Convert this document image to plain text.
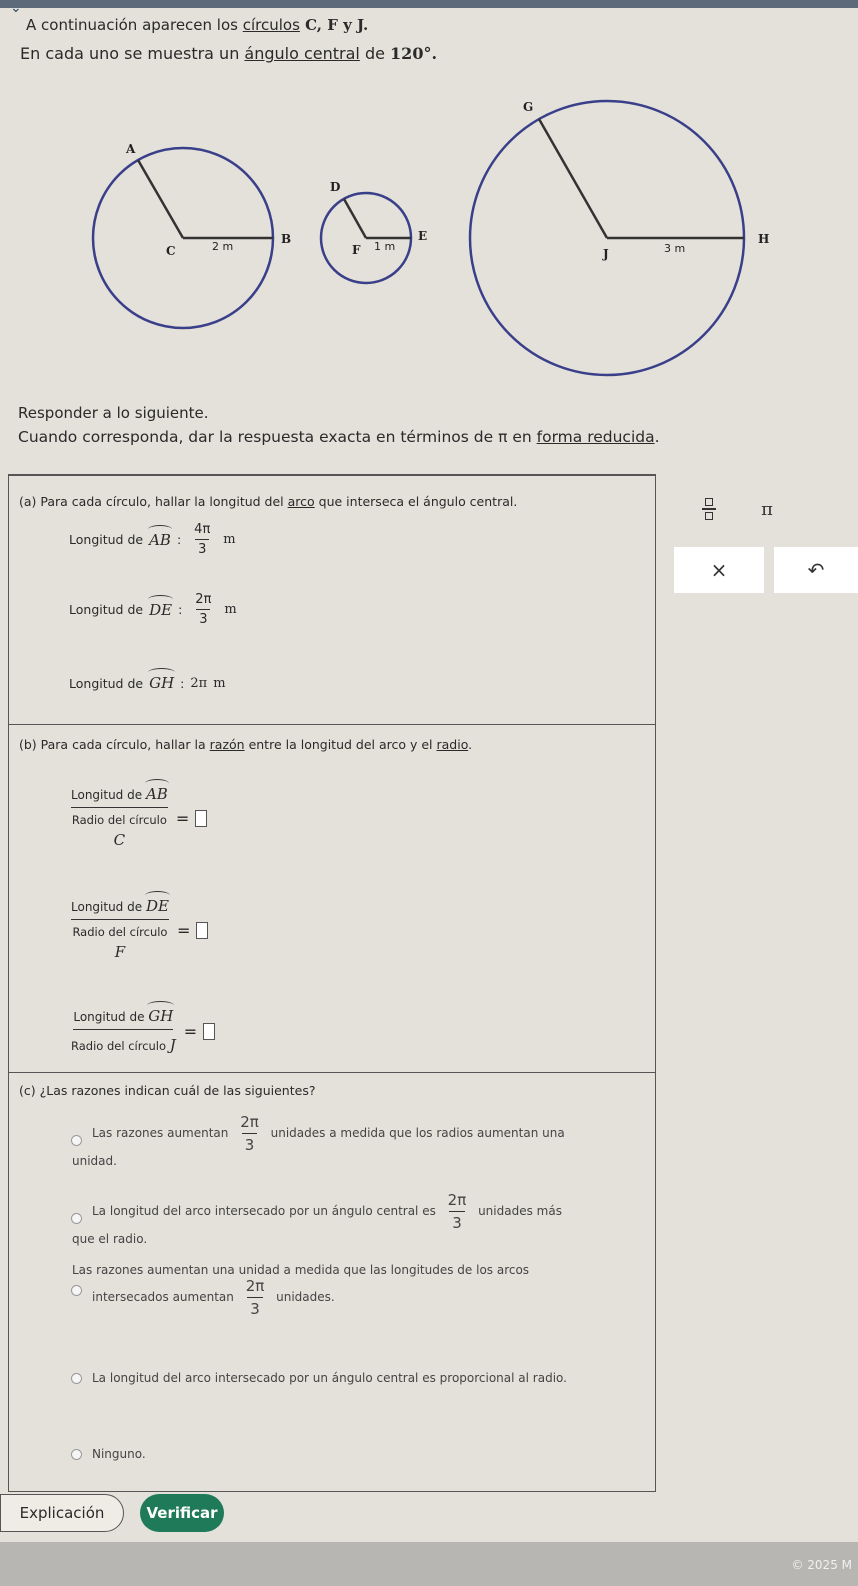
⌄
A continuación aparecen los círculos C, F y J.
En cada uno se muestra un ángulo central de 120°.
A
C
B
2 m
D
F
E
1 m
G
J
H
3 m
Responder a lo siguiente.
Cuando corresponda, dar la respuesta exacta en términos de π en forma reducida.
(a) Para cada círculo, hallar la longitud del arco que interseca el ángulo central.
Longitud de AB : $\frac{4\pi}{3}$ m
Longitud de DE : $\frac{2\pi}{3}$ m
Longitud de GH : 2π m
(b) Para cada círculo, hallar la razón entre la longitud del arco y el radio.
Longitud de AB
Radio del círculo
C
=
Longitud de DE
Radio del círculo
F
=
Longitud de GH
Radio del círculo J
=
(c) ¿Las razones indican cuál de las siguientes?
Las razones aumentan $\frac{2\pi}{3}$ unidades a medida que los radios aumentan una
unidad.
La longitud del arco intersecado por un ángulo central es $\frac{2\pi}{3}$ unidades más
que el radio.
Las razones aumentan una unidad a medida que las longitudes de los arcos
intersecados aumentan $\frac{2\pi}{3}$ unidades.
La longitud del arco intersecado por un ángulo central es proporcional al radio.
Ninguno.
π
×	↶
Explicación	Verificar
© 2025 M
